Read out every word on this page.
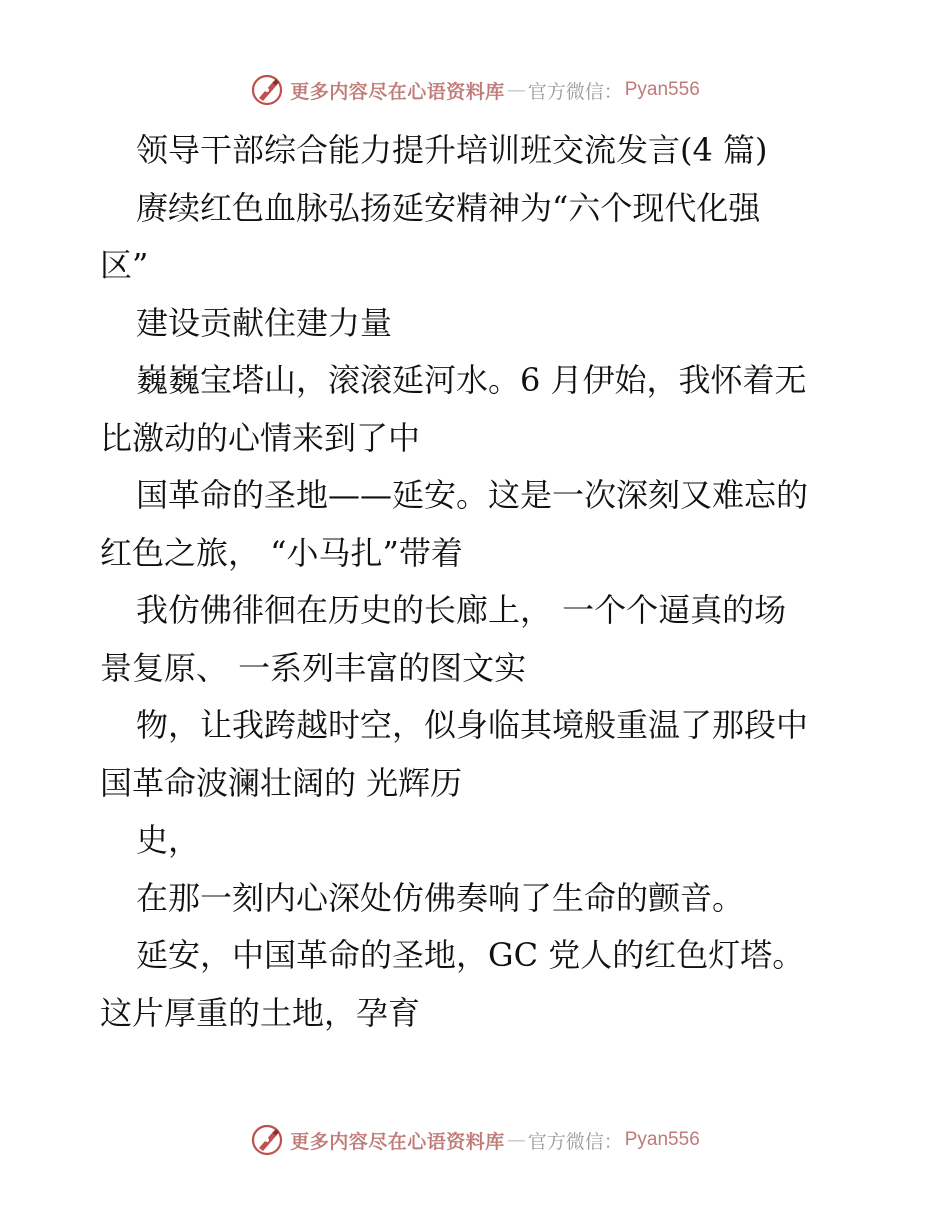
更多内容尽在心语资料库 — 官方微信： Pyan556
领导干部综合能力提升培训班交流发言(4 篇)
赓续红色血脉弘扬延安精神为“六个现代化强
区”
建设贡献住建力量
巍巍宝塔山，滚滚延河水。6 月伊始，我怀着无
比激动的心情来到了中
国革命的圣地——延安。这是一次深刻又难忘的
红色之旅， “小马扎”带着
我仿佛徘徊在历史的长廊上， 一个个逼真的场
景复原、 一系列丰富的图文实
物，让我跨越时空，似身临其境般重温了那段中
国革命波澜壮阔的 光辉历
史，
在那一刻内心深处仿佛奏响了生命的颤音。
延安，中国革命的圣地，GC 党人的红色灯塔。
这片厚重的土地，孕育
更多内容尽在心语资料库 — 官方微信： Pyan556
